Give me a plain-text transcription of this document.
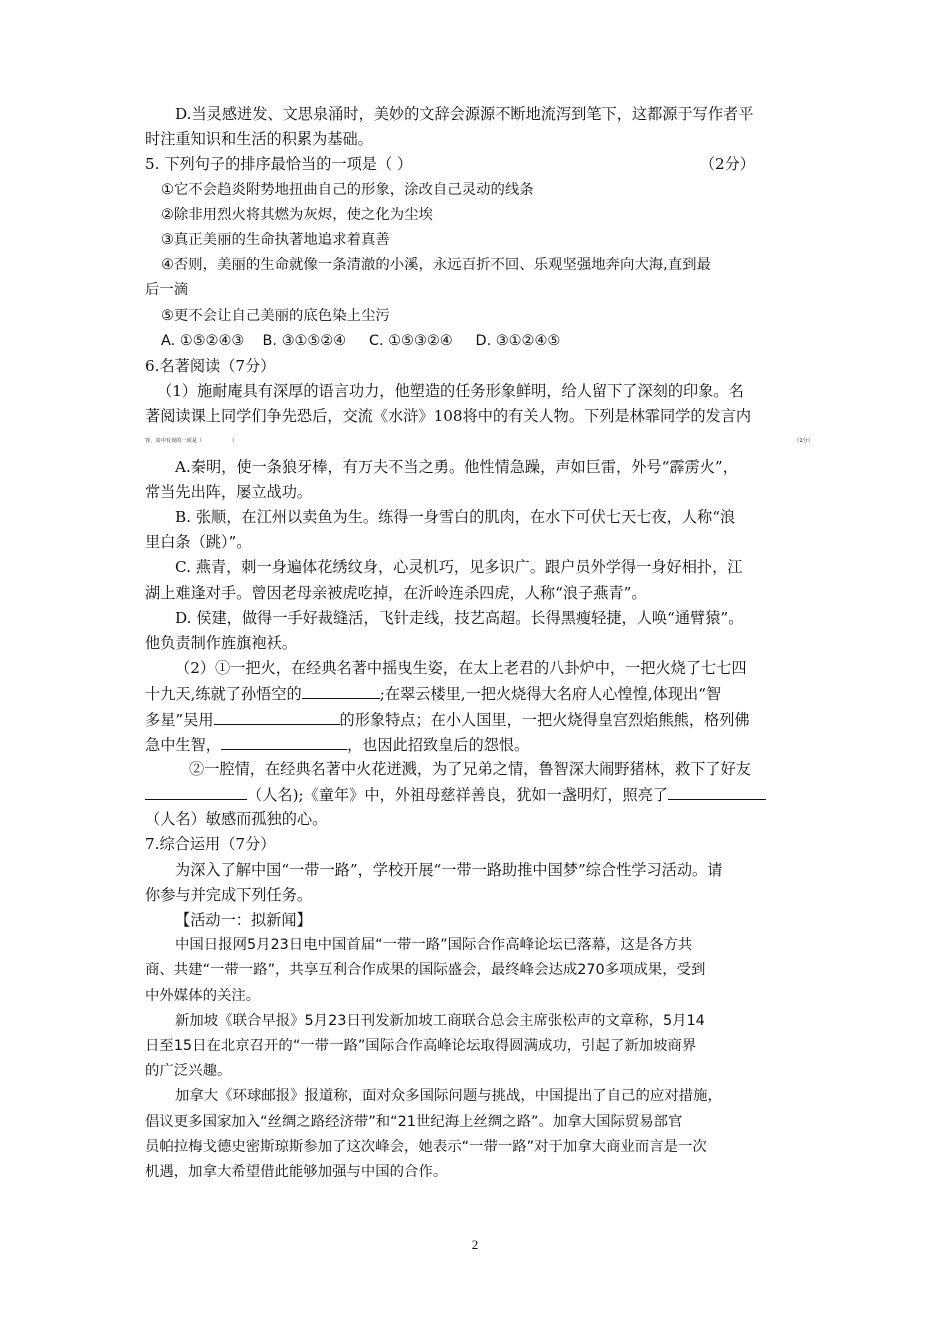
D.当灵感迸发、文思泉涌时，美妙的文辞会源源不断地流泻到笔下，这都源于写作者平
时注重知识和生活的积累为基础。
5. 下列句子的排序最恰当的一项是（ ）	（2分）
①它不会趋炎附势地扭曲自己的形象，涂改自己灵动的线条
②除非用烈火将其燃为灰烬，使之化为尘埃
③真正美丽的生命执著地追求着真善
④否则，美丽的生命就像一条清澈的小溪，永远百折不回、乐观坚强地奔向大海,直到最
后一滴
⑤更不会让自己美丽的底色染上尘污
A. ①⑤②④③    B. ③①⑤②④     C. ①⑤③②④     D. ③①②④⑤
6.名著阅读（7分）
（1）施耐庵具有深厚的语言功力，他塑造的任务形象鲜明，给人留下了深刻的印象。名
著阅读课上同学们争先恐后，交流《水浒》108将中的有关人物。下列是林霏同学的发言内
容，其中有误的一项是（                  ）	（2分）
A.秦明，使一条狼牙棒，有万夫不当之勇。他性情急躁，声如巨雷，外号“霹雳火”，
常当先出阵，屡立战功。
B. 张顺，在江州以卖鱼为生。练得一身雪白的肌肉，在水下可伏七天七夜，人称“浪
里白条（跳）”。
C. 燕青，刺一身遍体花绣纹身，心灵机巧，见多识广。跟户员外学得一身好相扑，江
湖上难逢对手。曾因老母亲被虎吃掉，在沂岭连杀四虎，人称“浪子燕青”。
D. 侯建，做得一手好裁缝活，飞针走线，技艺高超。长得黑瘦轻捷，人唤“通臂猿”。
他负责制作旌旗袍袄。
（2）①一把火，在经典名著中摇曳生姿，在太上老君的八卦炉中，一把火烧了七七四
十九天,练就了孙悟空的	;在翠云楼里,一把火烧得大名府人心惶惶,体现出“智
多星”吴用	的形象特点；在小人国里，一把火烧得皇宫烈焰熊熊，格列佛
急中生智，	，也因此招致皇后的怨恨。
②一腔情，在经典名著中火花迸溅，为了兄弟之情，鲁智深大闹野猪林，救下了好友
（人名);《童年》中，外祖母慈祥善良，犹如一盏明灯，照亮了
（人名）敏感而孤独的心。
7.综合运用（7分）
为深入了解中国“一带一路”，学校开展“一带一路助推中国梦”综合性学习活动。请
你参与并完成下列任务。
【活动一：拟新闻】
中国日报网5月23日电中国首届“一带一路”国际合作高峰论坛已落幕，这是各方共
商、共建“一带一路”，共享互利合作成果的国际盛会，最终峰会达成270多项成果，受到
中外媒体的关注。
新加坡《联合早报》5月23日刊发新加坡工商联合总会主席张松声的文章称，5月14
日至15日在北京召开的“一带一路”国际合作高峰论坛取得圆满成功，引起了新加坡商界
的广泛兴趣。
加拿大《环球邮报》报道称，面对众多国际问题与挑战，中国提出了自己的应对措施，
倡议更多国家加入“丝绸之路经济带”和“21世纪海上丝绸之路”。加拿大国际贸易部官
员帕拉梅戈德史密斯琼斯参加了这次峰会，她表示“一带一路”对于加拿大商业而言是一次
机遇，加拿大希望借此能够加强与中国的合作。
2
